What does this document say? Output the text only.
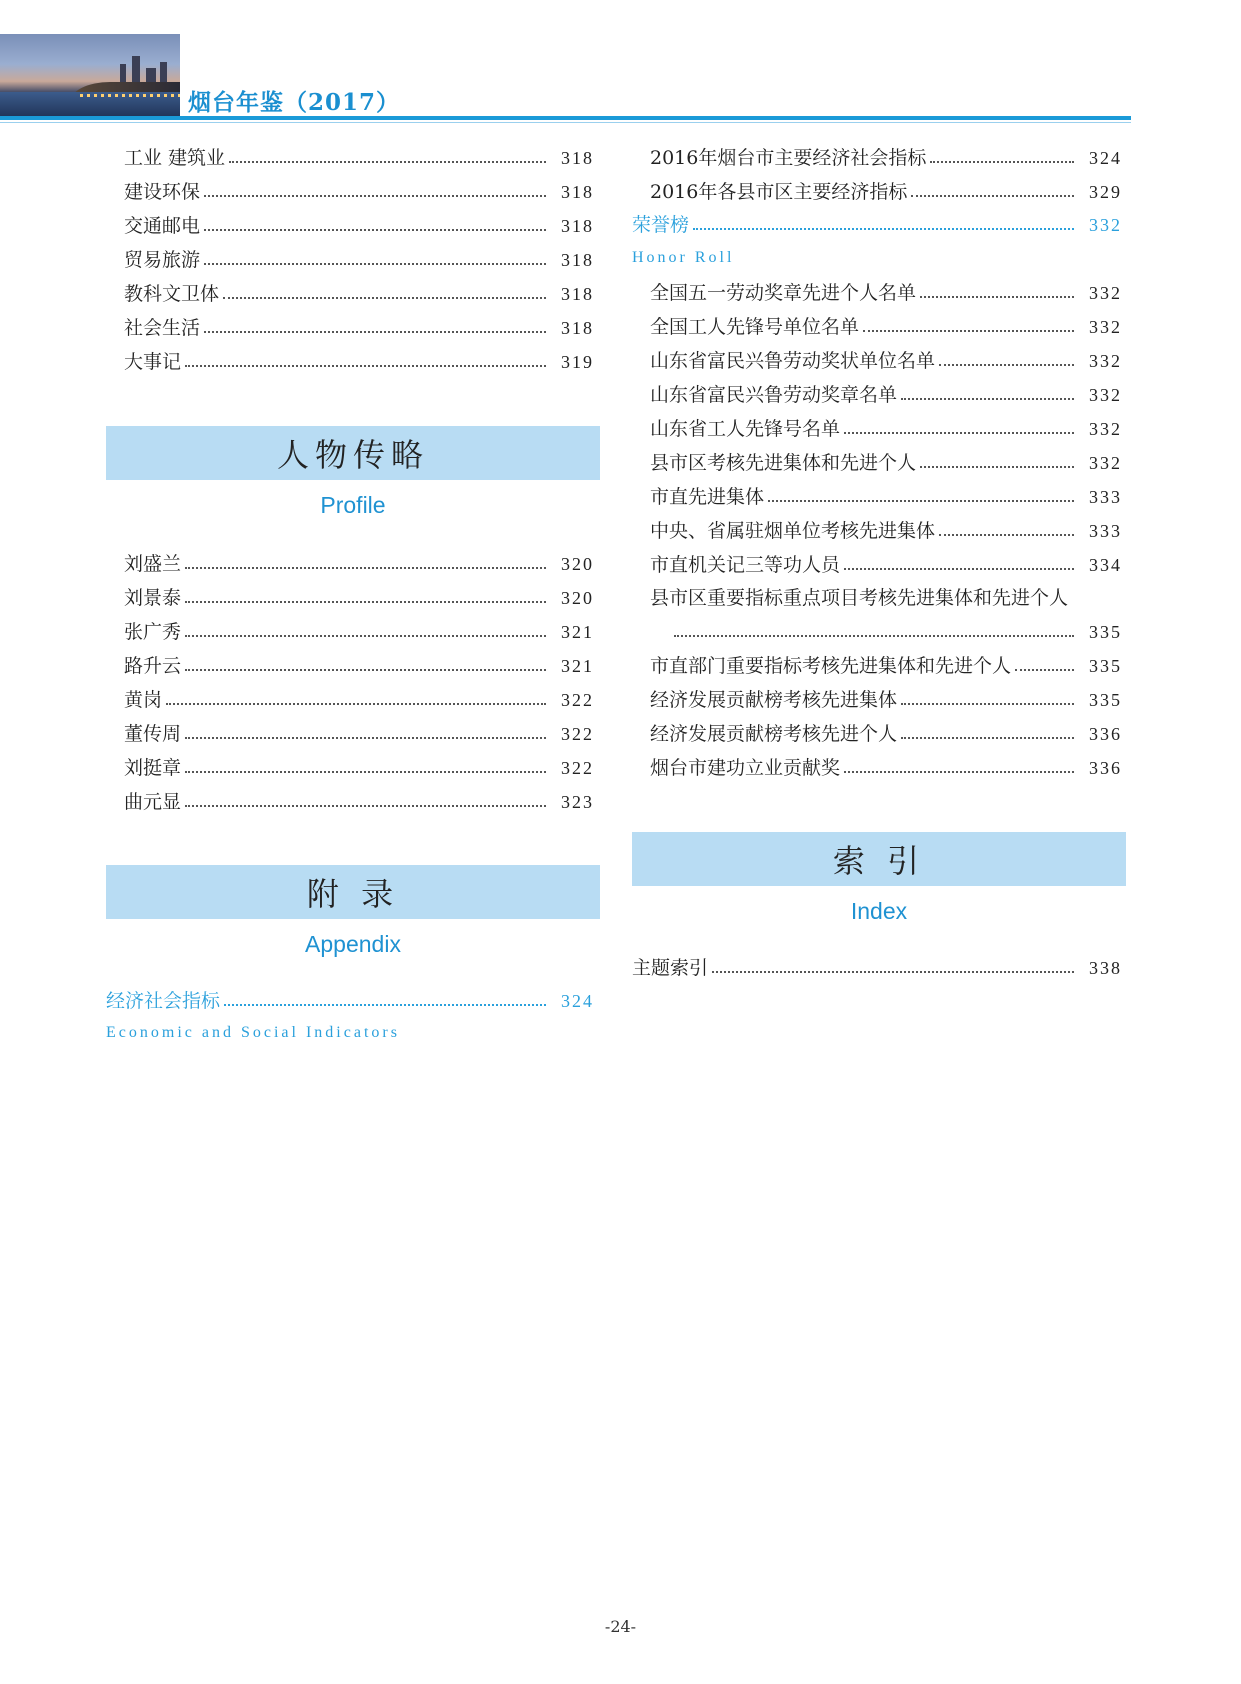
烟台年鉴（2017）
工业 建筑业	318
建设环保	318
交通邮电	318
贸易旅游	318
教科文卫体	318
社会生活	318
大事记	319
人物传略
Profile
刘盛兰	320
刘景泰	320
张广秀	321
路升云	321
黄岗	322
董传周	322
刘挺章	322
曲元显	323
附 录
Appendix
经济社会指标	324
Economic and Social Indicators
2016年烟台市主要经济社会指标	324
2016年各县市区主要经济指标	329
荣誉榜	332
Honor Roll
全国五一劳动奖章先进个人名单	332
全国工人先锋号单位名单	332
山东省富民兴鲁劳动奖状单位名单	332
山东省富民兴鲁劳动奖章名单	332
山东省工人先锋号名单	332
县市区考核先进集体和先进个人	332
市直先进集体	333
中央、省属驻烟单位考核先进集体	333
市直机关记三等功人员	334
县市区重要指标重点项目考核先进集体和先进个人
335
市直部门重要指标考核先进集体和先进个人	335
经济发展贡献榜考核先进集体	335
经济发展贡献榜考核先进个人	336
烟台市建功立业贡献奖	336
索 引
Index
主题索引	338
-24-
